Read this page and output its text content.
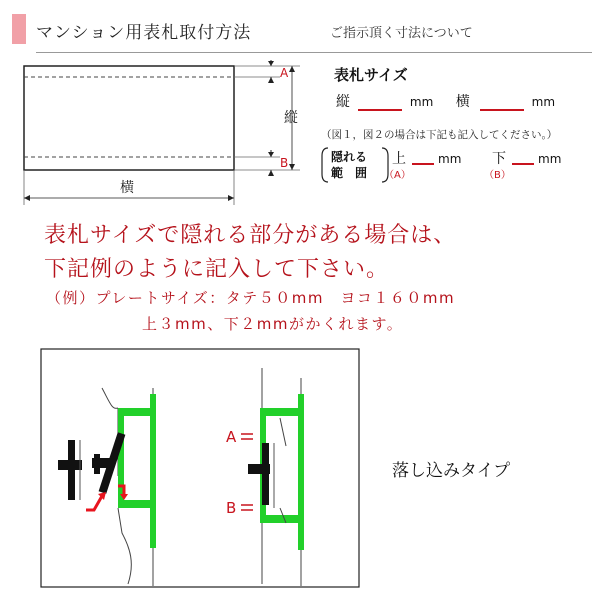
マンション用表札取付方法	ご指示頂く寸法について
A
B
縦
横
表札サイズ
縦	mm 横	mm
（図１，図２の場合は下記も記入してください。）
隠れる
範　囲
上	mm
（A）
下	mm
（B）
表札サイズで隠れる部分がある場合は、
下記例のように記入して下さい。
（例）プレートサイズ：タテ５０mm　ヨコ１６０mm
上３mm、下２mmがかくれます。
A
B
落し込みタイプ
